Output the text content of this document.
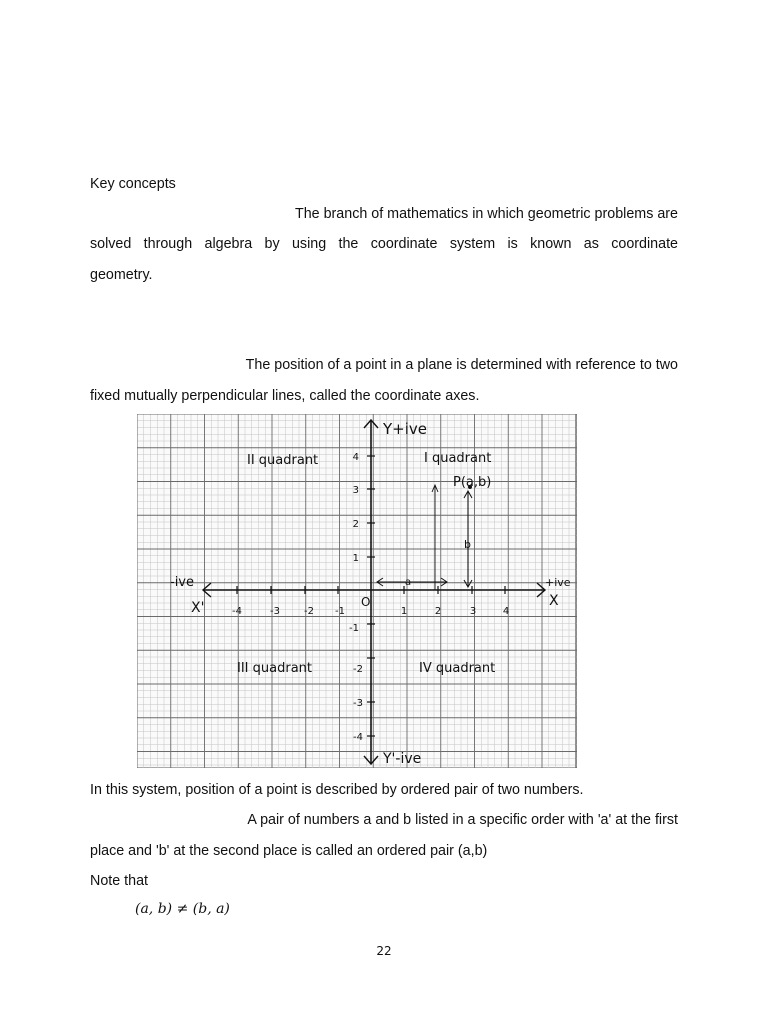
Key concepts
The branch of mathematics in which geometric problems are
solved through algebra by using the coordinate system is known as coordinate
geometry.
The position of a point in a plane is determined with reference to two
fixed mutually perpendicular lines, called the coordinate axes.
-4	-3 -2 -1	1	2	3	4
4
3
2
1
-1
-2
-3
-4
Y+ive
Y'-ive
+ive
X
-ive
X'	O
II quadrant	I quadrant
III quadrant	IV quadrant
P(a,b)
b
a
In this system, position of a point is described by ordered pair of two numbers.
A pair of numbers a and b listed in a specific order with 'a' at the first
place and 'b' at the second place is called an ordered pair (a,b)
Note that
(a, b) ≠ (b, a)
22
